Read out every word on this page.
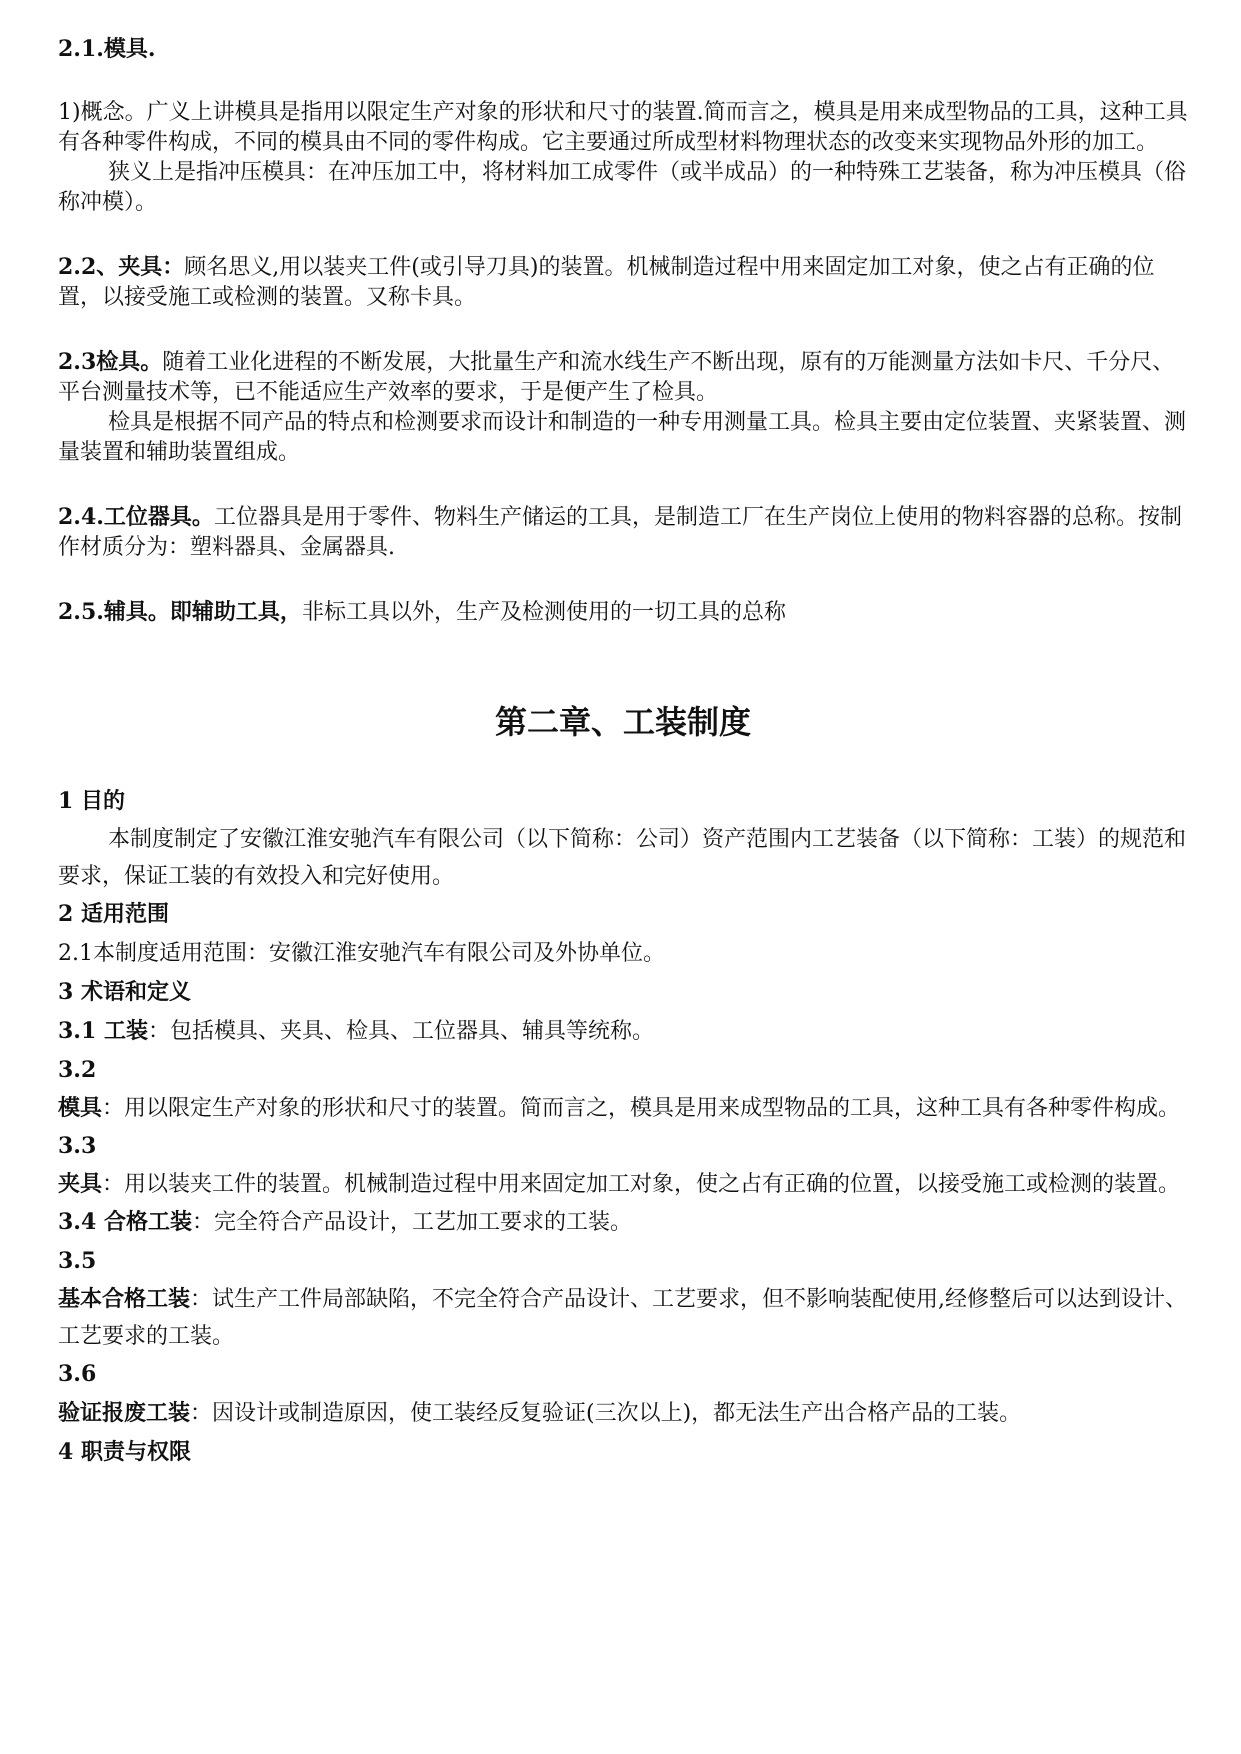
2.1.模具.

1)概念。广义上讲模具是指用以限定生产对象的形状和尺寸的装置.简而言之，模具是用来成型物品的工具，这种工具有各种零件构成，不同的模具由不同的零件构成。它主要通过所成型材料物理状态的改变来实现物品外形的加工。

狭义上是指冲压模具：在冲压加工中，将材料加工成零件（或半成品）的一种特殊工艺装备，称为冲压模具（俗称冲模）。

2.2、夹具：顾名思义,用以装夹工件(或引导刀具)的装置。机械制造过程中用来固定加工对象，使之占有正确的位置，以接受施工或检测的装置。又称卡具。

2.3检具。随着工业化进程的不断发展，大批量生产和流水线生产不断出现，原有的万能测量方法如卡尺、千分尺、平台测量技术等，已不能适应生产效率的要求，于是便产生了检具。

检具是根据不同产品的特点和检测要求而设计和制造的一种专用测量工具。检具主要由定位装置、夹紧装置、测量装置和辅助装置组成。

2.4.工位器具。工位器具是用于零件、物料生产储运的工具，是制造工厂在生产岗位上使用的物料容器的总称。按制作材质分为：塑料器具、金属器具.

2.5.辅具。即辅助工具，非标工具以外，生产及检测使用的一切工具的总称

第二章、工装制度

1 目的

本制度制定了安徽江淮安驰汽车有限公司（以下简称：公司）资产范围内工艺装备（以下简称：工装）的规范和要求，保证工装的有效投入和完好使用。

2 适用范围

2.1本制度适用范围：安徽江淮安驰汽车有限公司及外协单位。

3 术语和定义

3.1 工装：包括模具、夹具、检具、工位器具、辅具等统称。

3.2

模具：用以限定生产对象的形状和尺寸的装置。简而言之，模具是用来成型物品的工具，这种工具有各种零件构成。

3.3

夹具：用以装夹工件的装置。机械制造过程中用来固定加工对象，使之占有正确的位置，以接受施工或检测的装置。

3.4 合格工装：完全符合产品设计，工艺加工要求的工装。

3.5

基本合格工装：试生产工件局部缺陷，不完全符合产品设计、工艺要求，但不影响装配使用,经修整后可以达到设计、工艺要求的工装。

3.6

验证报废工装：因设计或制造原因，使工装经反复验证(三次以上)，都无法生产出合格产品的工装。

4 职责与权限
